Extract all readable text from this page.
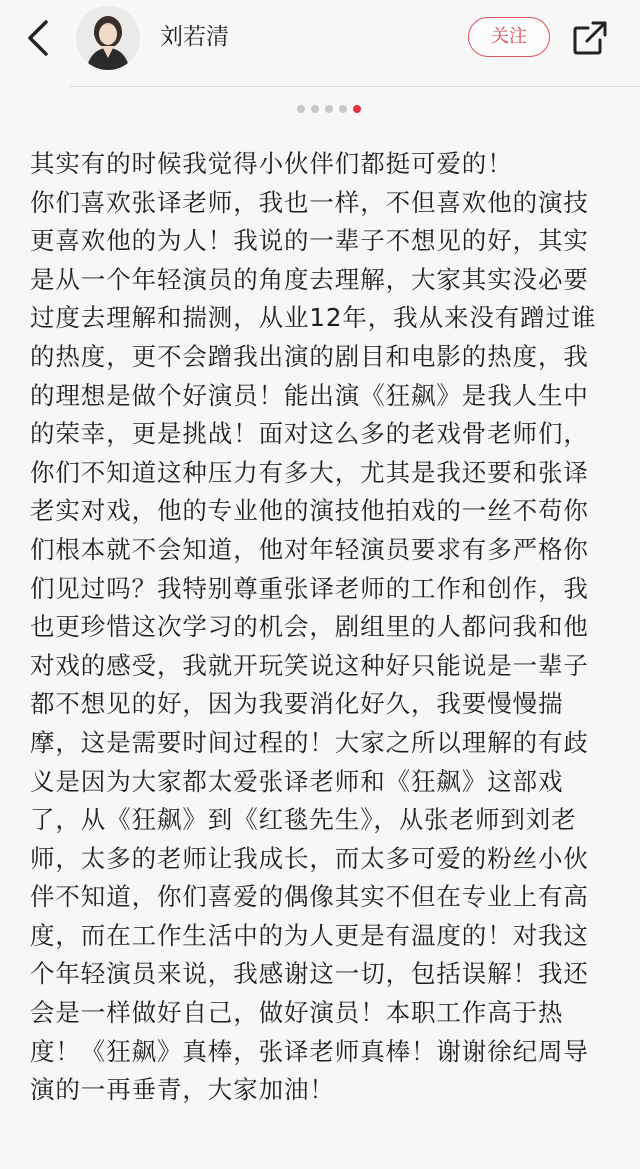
刘若清	关注
其实有的时候我觉得小伙伴们都挺可爱的！
你们喜欢张译老师，我也一样，不但喜欢他的演技更喜欢他的为人！我说的一辈子不想见的好，其实是从一个年轻演员的角度去理解，大家其实没必要过度去理解和揣测，从业12年，我从来没有蹭过谁的热度，更不会蹭我出演的剧目和电影的热度，我的理想是做个好演员！能出演《狂飙》是我人生中的荣幸，更是挑战！面对这么多的老戏骨老师们，你们不知道这种压力有多大，尤其是我还要和张译老实对戏，他的专业他的演技他拍戏的一丝不苟你们根本就不会知道，他对年轻演员要求有多严格你们见过吗？我特别尊重张译老师的工作和创作，我也更珍惜这次学习的机会，剧组里的人都问我和他对戏的感受，我就开玩笑说这种好只能说是一辈子都不想见的好，因为我要消化好久，我要慢慢揣摩，这是需要时间过程的！大家之所以理解的有歧义是因为大家都太爱张译老师和《狂飙》这部戏了，从《狂飙》到《红毯先生》，从张老师到刘老师，太多的老师让我成长，而太多可爱的粉丝小伙伴不知道，你们喜爱的偶像其实不但在专业上有高度，而在工作生活中的为人更是有温度的！对我这个年轻演员来说，我感谢这一切，包括误解！我还会是一样做好自己，做好演员！本职工作高于热度！《狂飙》真棒，张译老师真棒！谢谢徐纪周导演的一再垂青，大家加油！
